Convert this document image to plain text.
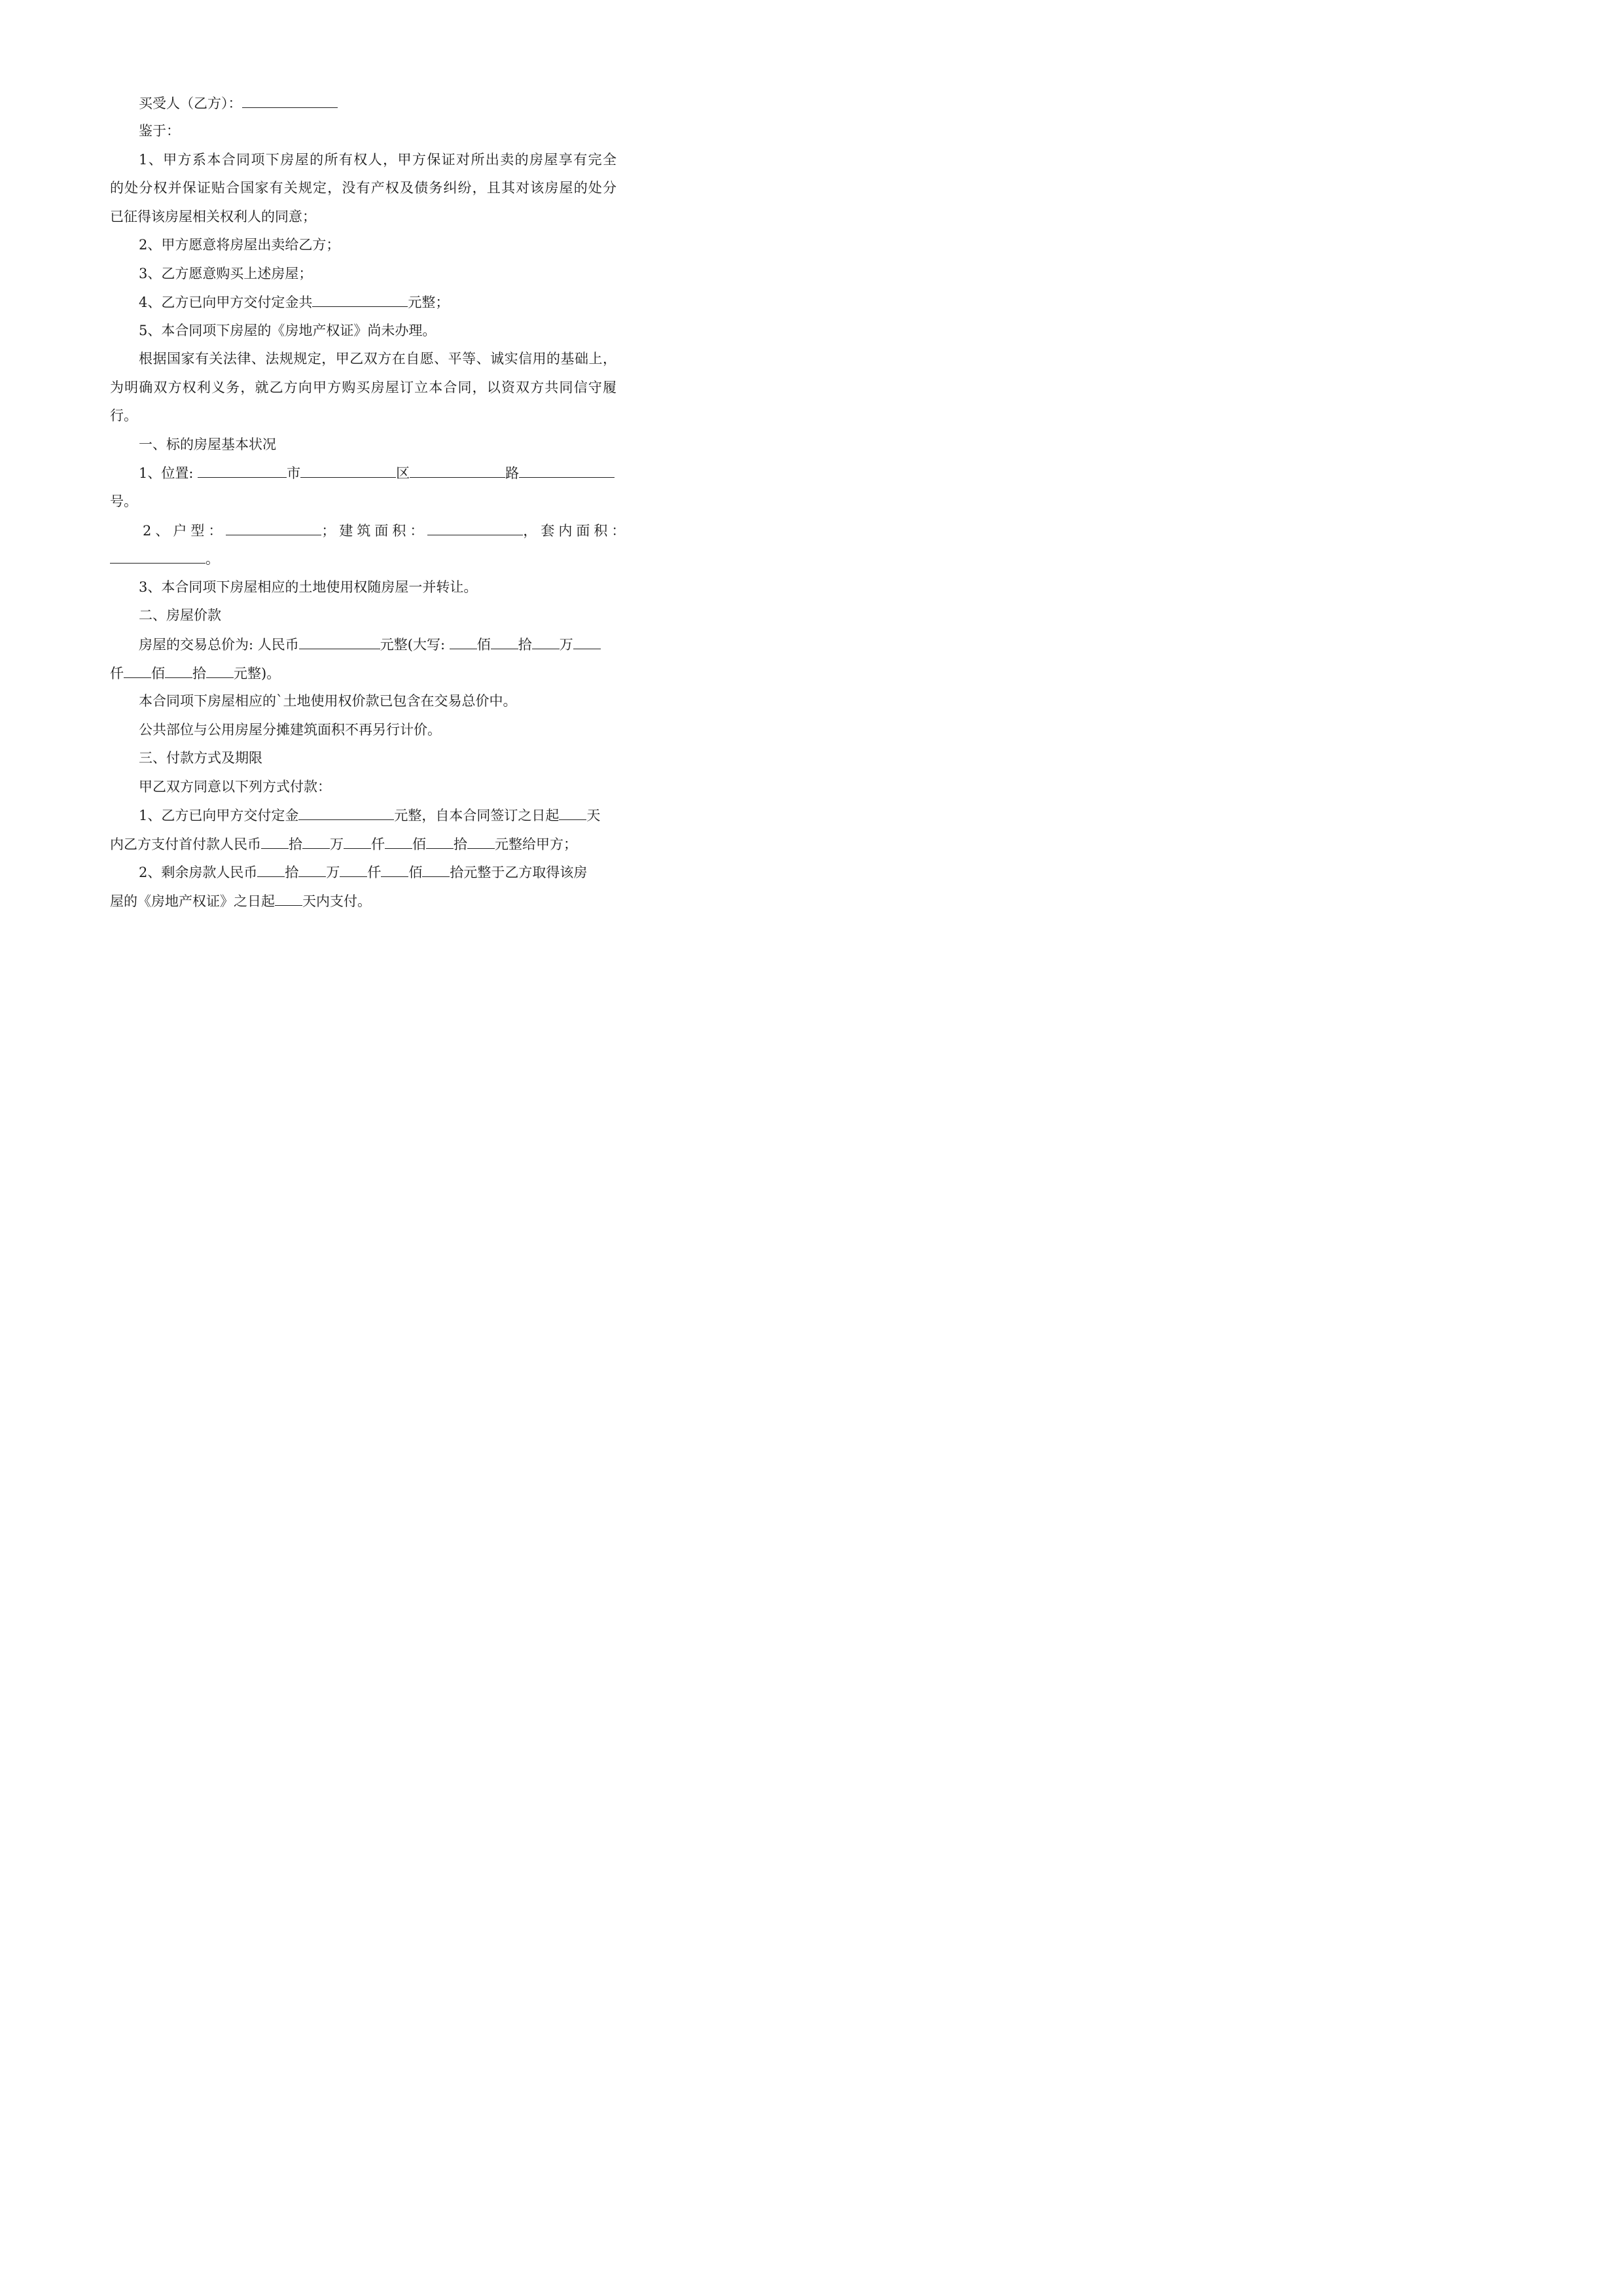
买受人（乙方）：
鉴于：
1、甲方系本合同项下房屋的所有权人，甲方保证对所出卖的房屋享有完全
的处分权并保证贴合国家有关规定，没有产权及债务纠纷，且其对该房屋的处分
已征得该房屋相关权利人的同意；
2、甲方愿意将房屋出卖给乙方；
3、乙方愿意购买上述房屋；
4、乙方已向甲方交付定金共	元整；
5、本合同项下房屋的《房地产权证》尚未办理。
根据国家有关法律、法规规定，甲乙双方在自愿、平等、诚实信用的基础上，
为明确双方权利义务，就乙方向甲方购买房屋订立本合同，以资双方共同信守履
行。
一、标的房屋基本状况
1、位置:	市	区	路
号。
2、户型：	；建筑面积：	，套内面积：
。
3、本合同项下房屋相应的土地使用权随房屋一并转让。
二、房屋价款
房屋的交易总价为: 人民币	元整(大写: 佰 拾 万
仟 佰 拾 元整)。
本合同项下房屋相应的`土地使用权价款已包含在交易总价中。
公共部位与公用房屋分摊建筑面积不再另行计价。
三、付款方式及期限
甲乙双方同意以下列方式付款：
1、乙方已向甲方交付定金	元整，自本合同签订之日起 天
内乙方支付首付款人民币 拾 万 仟 佰 拾 元整给甲方；
2、剩余房款人民币 拾 万 仟 佰 拾元整于乙方取得该房
屋的《房地产权证》之日起 天内支付。
